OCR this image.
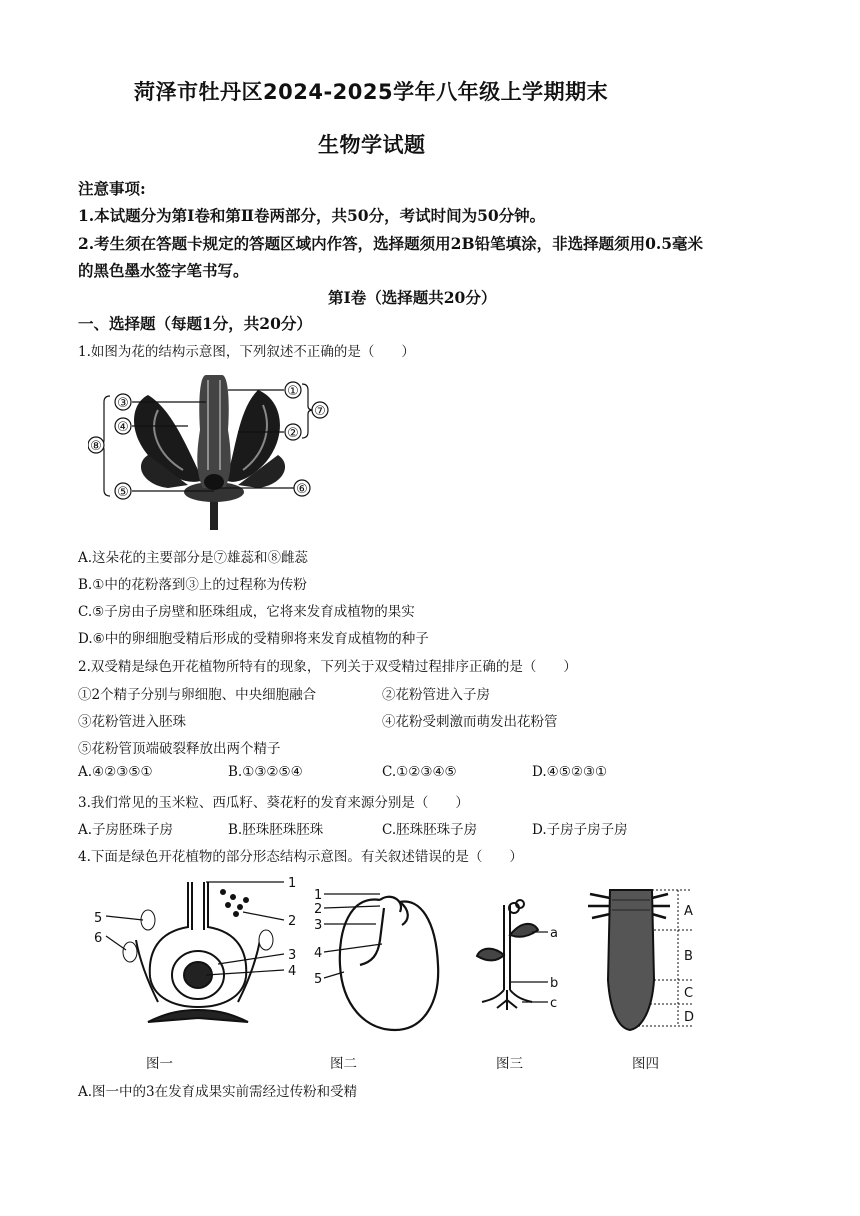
菏泽市牡丹区2024-2025学年八年级上学期期末
生物学试题
注意事项:
1.本试题分为第Ⅰ卷和第Ⅱ卷两部分，共50分，考试时间为50分钟。
2.考生须在答题卡规定的答题区域内作答，选择题须用2B铅笔填涂，非选择题须用0.5毫米
的黑色墨水签字笔书写。
第Ⅰ卷（选择题共20分）
一、选择题（每题1分，共20分）
1.如图为花的结构示意图，下列叙述不正确的是（　　）
①
②
③
④
⑤	⑥
⑦
⑧
A.这朵花的主要部分是⑦雄蕊和⑧雌蕊
B.①中的花粉落到③上的过程称为传粉
C.⑤子房由子房壁和胚珠组成，它将来发育成植物的果实
D.⑥中的卵细胞受精后形成的受精卵将来发育成植物的种子
2.双受精是绿色开花植物所特有的现象，下列关于双受精过程排序正确的是（　　）
①2个精子分别与卵细胞、中央细胞融合	②花粉管进入子房
③花粉管进入胚珠	④花粉受刺激而萌发出花粉管
⑤花粉管顶端破裂释放出两个精子
A.④②③⑤①	B.①③②⑤④	C.①②③④⑤	D.④⑤②③①
3.我们常见的玉米粒、西瓜籽、葵花籽的发育来源分别是（　　）
A.子房胚珠子房	B.胚珠胚珠胚珠	C.胚珠胚珠子房	D.子房子房子房
4.下面是绿色开花植物的部分形态结构示意图。有关叙述错误的是（　　）
1
2
3
4
5
6
1
2
3
4
5
a
b
c
A
B
C
D
图一	图二	图三	图四
A.图一中的3在发育成果实前需经过传粉和受精
